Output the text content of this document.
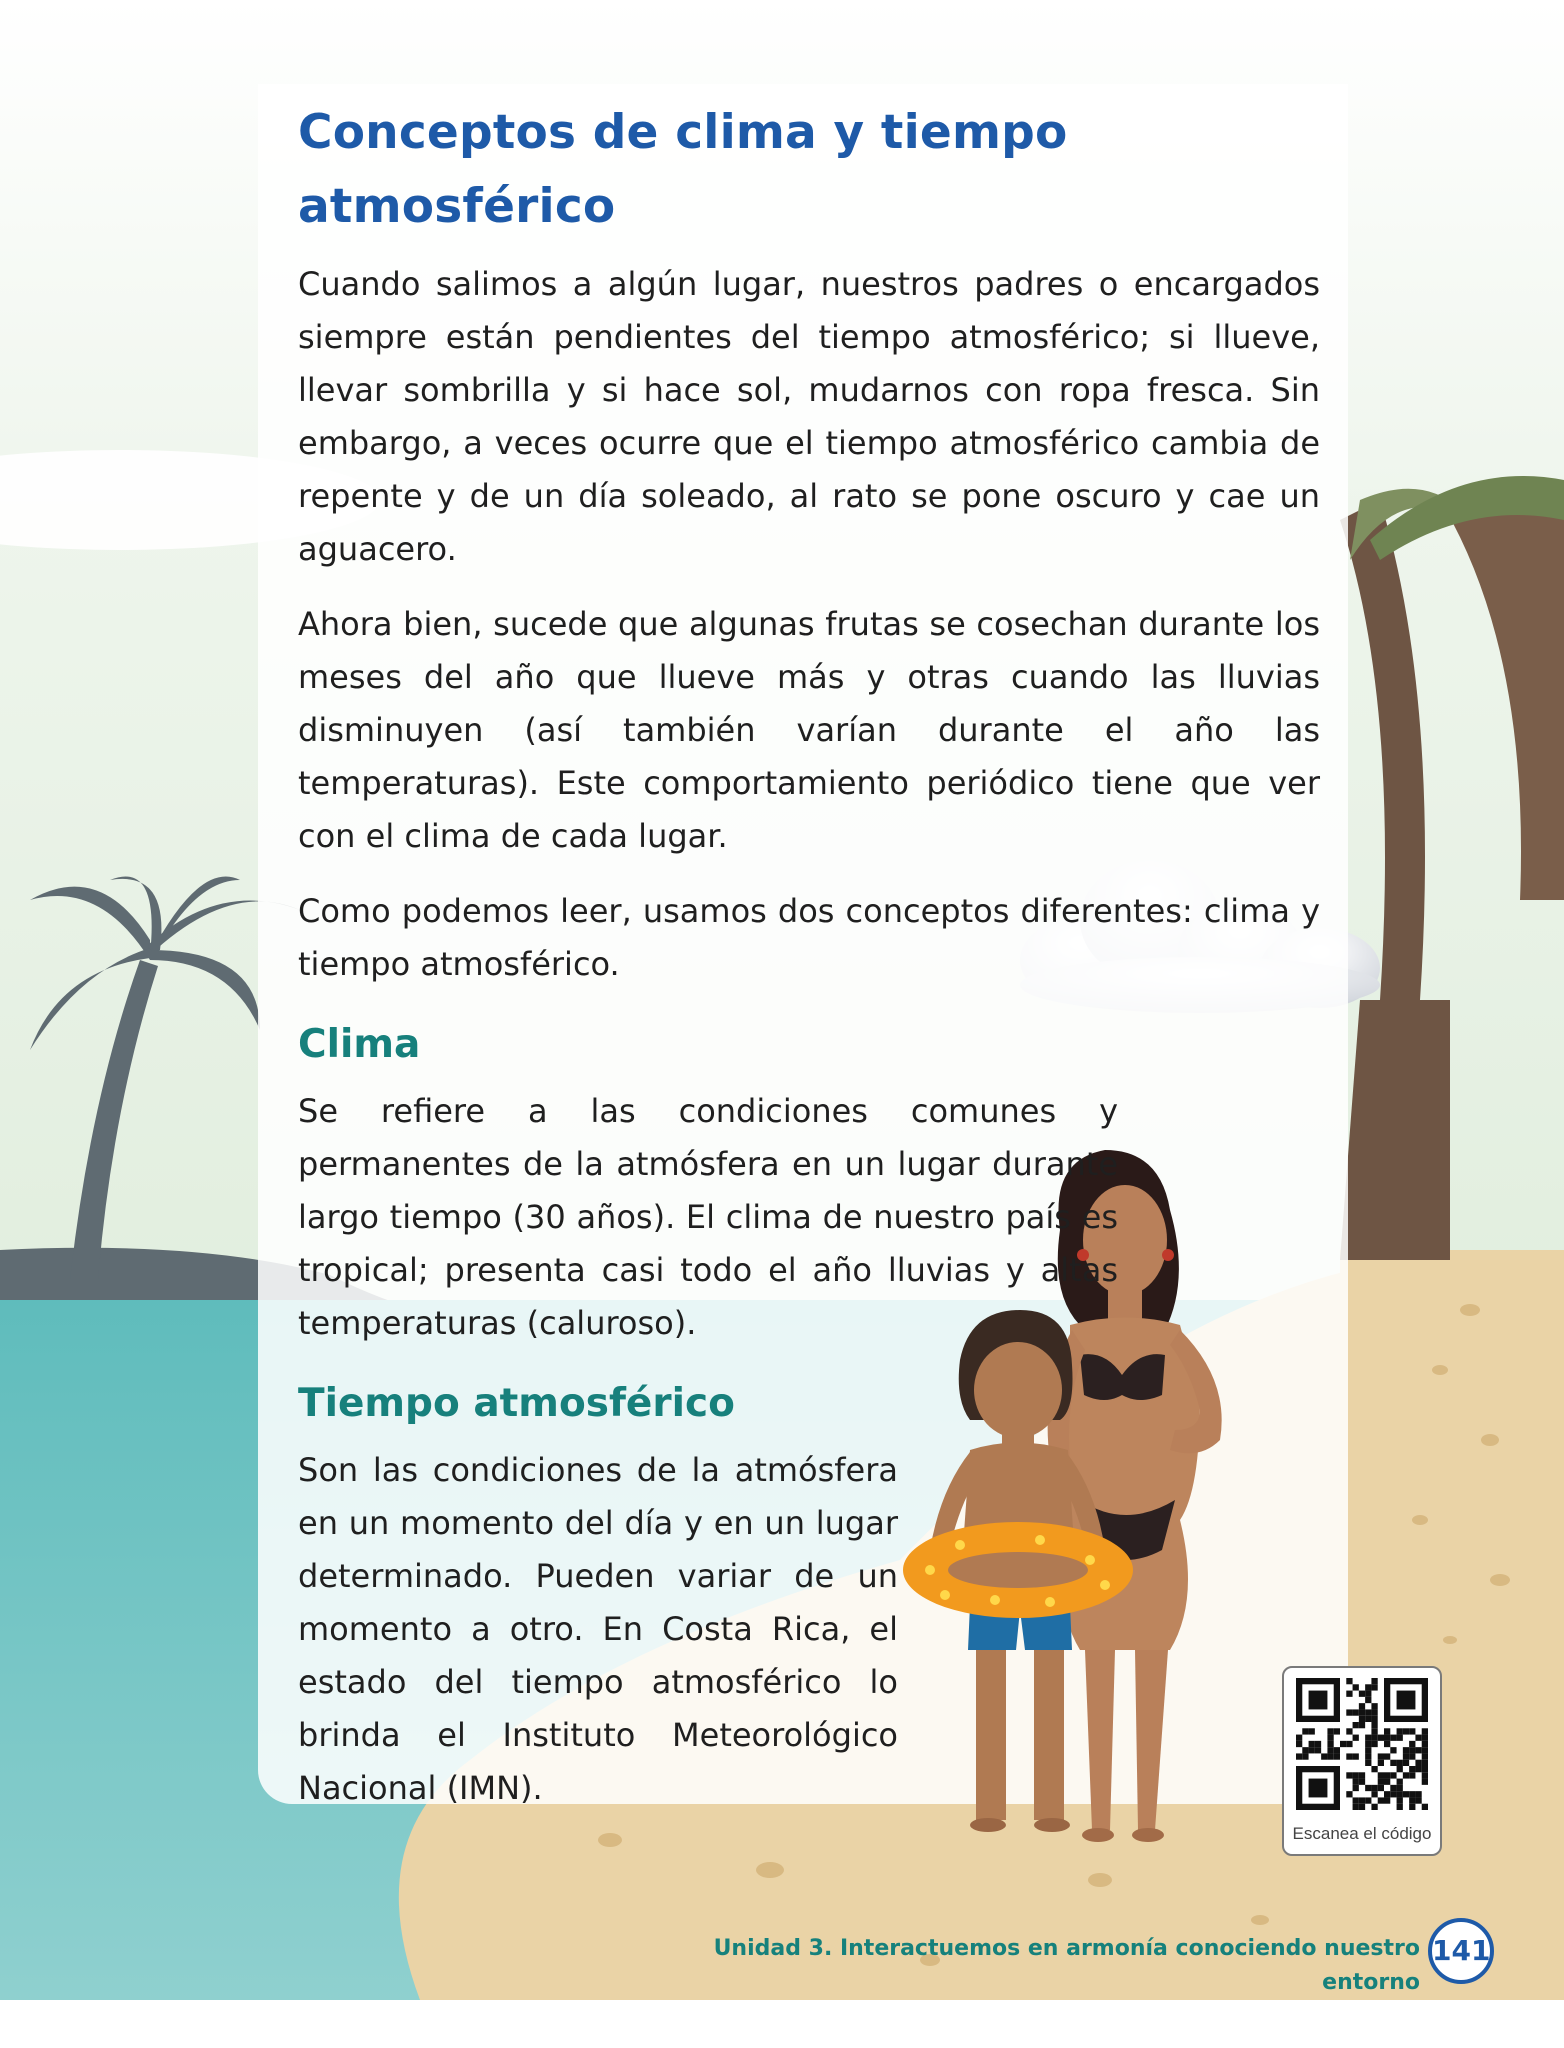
Conceptos de clima y tiempo atmosférico

Cuando salimos a algún lugar, nuestros padres o encargados siempre están pendientes del tiempo atmosférico; si llueve, llevar sombrilla y si hace sol, mudarnos con ropa fresca. Sin embargo, a veces ocurre que el tiempo atmosférico cambia de repente y de un día soleado, al rato se pone oscuro y cae un aguacero.

Ahora bien, sucede que algunas frutas se cosechan durante los meses del año que llueve más y otras cuando las lluvias disminuyen (así también varían durante el año las temperaturas). Este comportamiento periódico tiene que ver con el clima de cada lugar.

Como podemos leer, usamos dos conceptos diferentes: clima y tiempo atmosférico.

Clima

Se refiere a las condiciones comunes y permanentes de la atmósfera en un lugar durante largo tiempo (30 años). El clima de nuestro país es tropical; presenta casi todo el año lluvias y altas temperaturas (caluroso).

Tiempo atmosférico

Son las condiciones de la atmósfera en un momento del día y en un lugar determinado. Pueden variar de un momento a otro. En Costa Rica, el estado del tiempo atmosférico lo brinda el Instituto Meteorológico Nacional (IMN).

Escanea el código
Unidad 3. Interactuemos en armonía conociendo nuestro entorno
141
